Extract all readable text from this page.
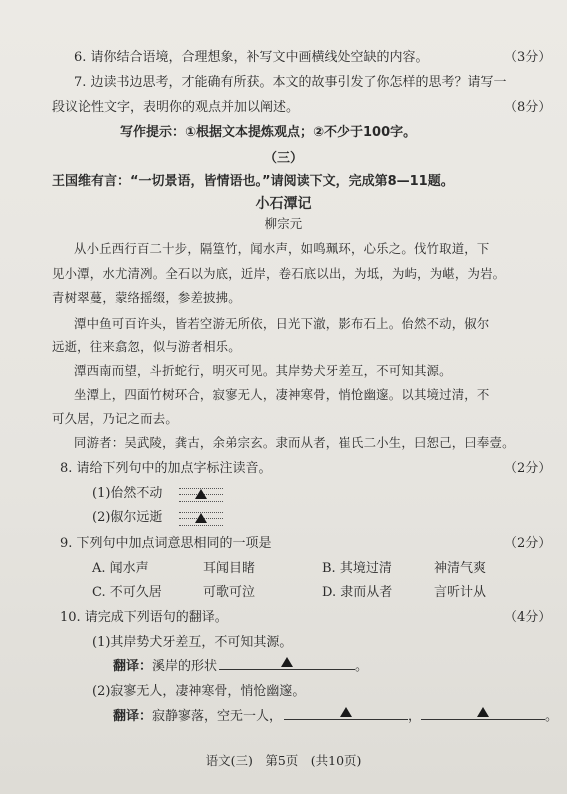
6. 请你结合语境，合理想象，补写文中画横线处空缺的内容。	（3分）
7. 边读书边思考，才能确有所获。本文的故事引发了你怎样的思考？请写一
段议论性文字，表明你的观点并加以阐述。	（8分）
写作提示：①根据文本提炼观点；②不少于100字。
（三）
王国维有言：“一切景语，皆情语也。”请阅读下文，完成第8—11题。
小石潭记
柳宗元
从小丘西行百二十步，隔篁竹，闻水声，如鸣珮环，心乐之。伐竹取道，下
见小潭，水尤清冽。全石以为底，近岸，卷石底以出，为坻，为屿，为嵁，为岩。
青树翠蔓，蒙络摇缀，参差披拂。
潭中鱼可百许头，皆若空游无所依，日光下澈，影布石上。佁然不动，俶尔
远逝，往来翕忽，似与游者相乐。
潭西南而望，斗折蛇行，明灭可见。其岸势犬牙差互，不可知其源。
坐潭上，四面竹树环合，寂寥无人，凄神寒骨，悄怆幽邃。以其境过清，不
可久居，乃记之而去。
同游者：吴武陵，龚古，余弟宗玄。隶而从者，崔氏二小生，曰恕己，曰奉壹。
8. 请给下列句中的加点字标注读音。	（2分）
(1)佁然不动
(2)俶尔远逝
9. 下列句中加点词意思相同的一项是	（2分）
A. 闻水声	耳闻目睹	B. 其境过清	神清气爽
C. 不可久居	可歌可泣	D. 隶而从者	言听计从
10. 请完成下列语句的翻译。	（4分）
(1)其岸势犬牙差互，不可知其源。
翻译：溪岸的形状	。
(2)寂寥无人，凄神寒骨，悄怆幽邃。
翻译：寂静寥落，空无一人，	，	。
语文(三)　第5页　(共10页)
